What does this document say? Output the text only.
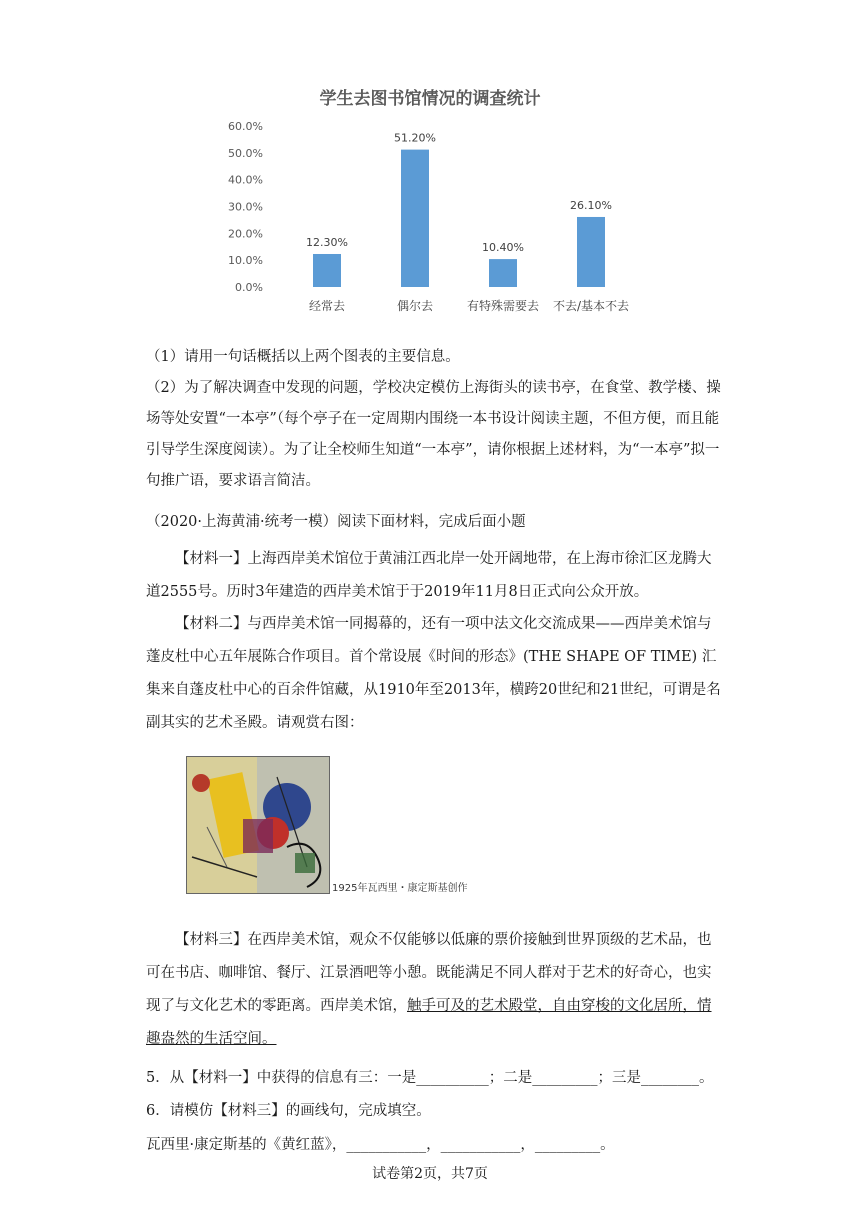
学生去图书馆情况的调查统计
0.0%
10.0%
20.0%
30.0%
40.0%
50.0%
60.0%
12.30%
经常去
51.20%
偶尔去
10.40%
有特殊需要去
26.10%
不去/基本不去

（1）请用一句话概括以上两个图表的主要信息。

（2）为了解决调查中发现的问题，学校决定模仿上海街头的读书亭，在食堂、教学楼、操场等处安置“一本亭”（每个亭子在一定周期内围绕一本书设计阅读主题，不但方便，而且能引导学生深度阅读）。为了让全校师生知道“一本亭”，请你根据上述材料，为“一本亭”拟一句推广语，要求语言简洁。

（2020·上海黄浦·统考一模）阅读下面材料，完成后面小题

【材料一】上海西岸美术馆位于黄浦江西北岸一处开阔地带，在上海市徐汇区龙腾大道2555号。历时3年建造的西岸美术馆于于2019年11月8日正式向公众开放。

【材料二】与西岸美术馆一同揭幕的，还有一项中法文化交流成果——西岸美术馆与蓬皮杜中心五年展陈合作项目。首个常设展《时间的形态》(THE SHAPE OF TIME) 汇集来自蓬皮杜中心的百余件馆藏，从1910年至2013年，横跨20世纪和21世纪，可谓是名副其实的艺术圣殿。请观赏右图：

1925年瓦西里・康定斯基创作

【材料三】在西岸美术馆，观众不仅能够以低廉的票价接触到世界顶级的艺术品，也可在书店、咖啡馆、餐厅、江景酒吧等小憩。既能满足不同人群对于艺术的好奇心，也实现了与文化艺术的零距离。西岸美术馆，触手可及的艺术殿堂，自由穿梭的文化居所，情趣盎然的生活空间。

5．从【材料一】中获得的信息有三：一是__________；二是_________；三是________。
6．请模仿【材料三】的画线句，完成填空。
瓦西里·康定斯基的《黄红蓝》，___________，___________，_________。
试卷第2页，共7页
